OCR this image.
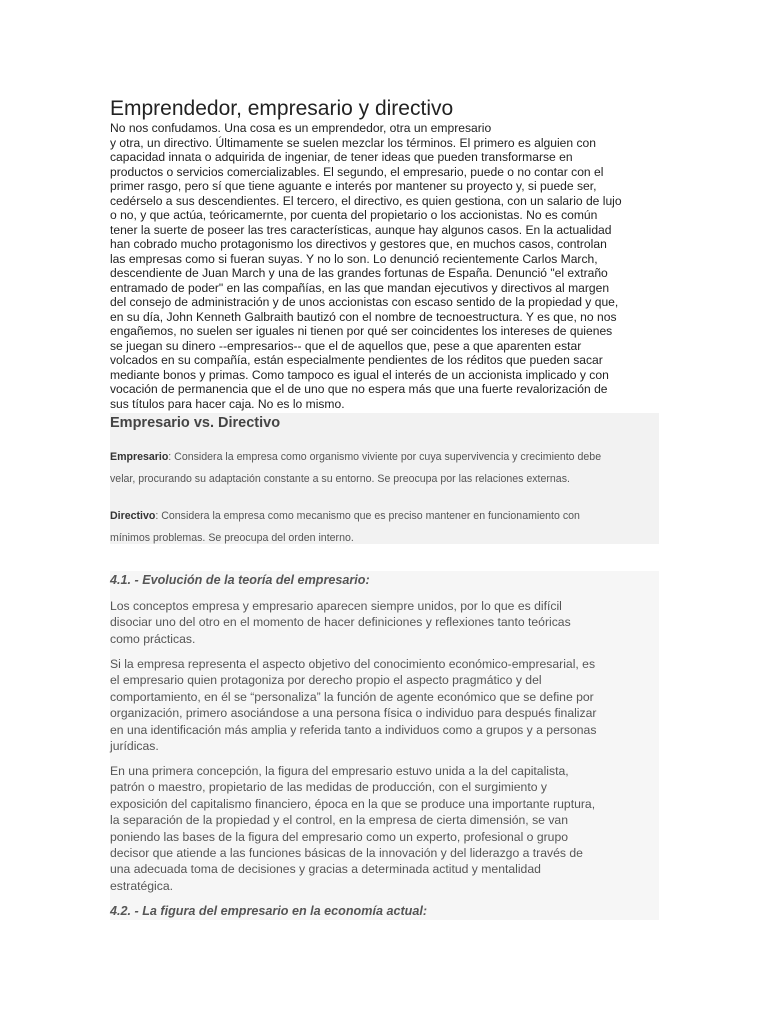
Emprendedor, empresario y directivo
No nos confudamos. Una cosa es un emprendedor, otra un empresario
y otra, un directivo. Últimamente se suelen mezclar los términos. El primero es alguien con
capacidad innata o adquirida de ingeniar, de tener ideas que pueden transformarse en
productos o servicios comercializables. El segundo, el empresario, puede o no contar con el
primer rasgo, pero sí que tiene aguante e interés por mantener su proyecto y, si puede ser,
cedérselo a sus descendientes. El tercero, el directivo, es quien gestiona, con un salario de lujo
o no, y que actúa, teóricamernte, por cuenta del propietario o los accionistas. No es común
tener la suerte de poseer las tres características, aunque hay algunos casos. En la actualidad
han cobrado mucho protagonismo los directivos y gestores que, en muchos casos, controlan
las empresas como si fueran suyas. Y no lo son. Lo denunció recientemente Carlos March,
descendiente de Juan March y una de las grandes fortunas de España. Denunció "el extraño
entramado de poder" en las compañías, en las que mandan ejecutivos y directivos al margen
del consejo de administración y de unos accionistas con escaso sentido de la propiedad y que,
en su día, John Kenneth Galbraith bautizó con el nombre de tecnoestructura. Y es que, no nos
engañemos, no suelen ser iguales ni tienen por qué ser coincidentes los intereses de quienes
se juegan su dinero --empresarios-- que el de aquellos que, pese a que aparenten estar
volcados en su compañía, están especialmente pendientes de los réditos que pueden sacar
mediante bonos y primas. Como tampoco es igual el interés de un accionista implicado y con
vocación de permanencia que el de uno que no espera más que una fuerte revalorización de
sus títulos para hacer caja. No es lo mismo.
Empresario vs. Directivo

Empresario: Considera la empresa como organismo viviente por cuya supervivencia y crecimiento debe
velar, procurando su adaptación constante a su entorno. Se preocupa por las relaciones externas.

Directivo: Considera la empresa como mecanismo que es preciso mantener en funcionamiento con
mínimos problemas. Se preocupa del orden interno.

4.1. - Evolución de la teoría del empresario:

Los conceptos empresa y empresario aparecen siempre unidos, por lo que es difícil
disociar uno del otro en el momento de hacer definiciones y reflexiones tanto teóricas
como prácticas.

Si la empresa representa el aspecto objetivo del conocimiento económico-empresarial, es
el empresario quien protagoniza por derecho propio el aspecto pragmático y del
comportamiento, en él se “personaliza” la función de agente económico que se define por
organización, primero asociándose a una persona física o individuo para después finalizar
en una identificación más amplia y referida tanto a individuos como a grupos y a personas
jurídicas.

En una primera concepción, la figura del empresario estuvo unida a la del capitalista,
patrón o maestro, propietario de las medidas de producción, con el surgimiento y
exposición del capitalismo financiero, época en la que se produce una importante ruptura,
la separación de la propiedad y el control, en la empresa de cierta dimensión, se van
poniendo las bases de la figura del empresario como un experto, profesional o grupo
decisor que atiende a las funciones básicas de la innovación y del liderazgo a través de
una adecuada toma de decisiones y gracias a determinada actitud y mentalidad
estratégica.

4.2. - La figura del empresario en la economía actual:
